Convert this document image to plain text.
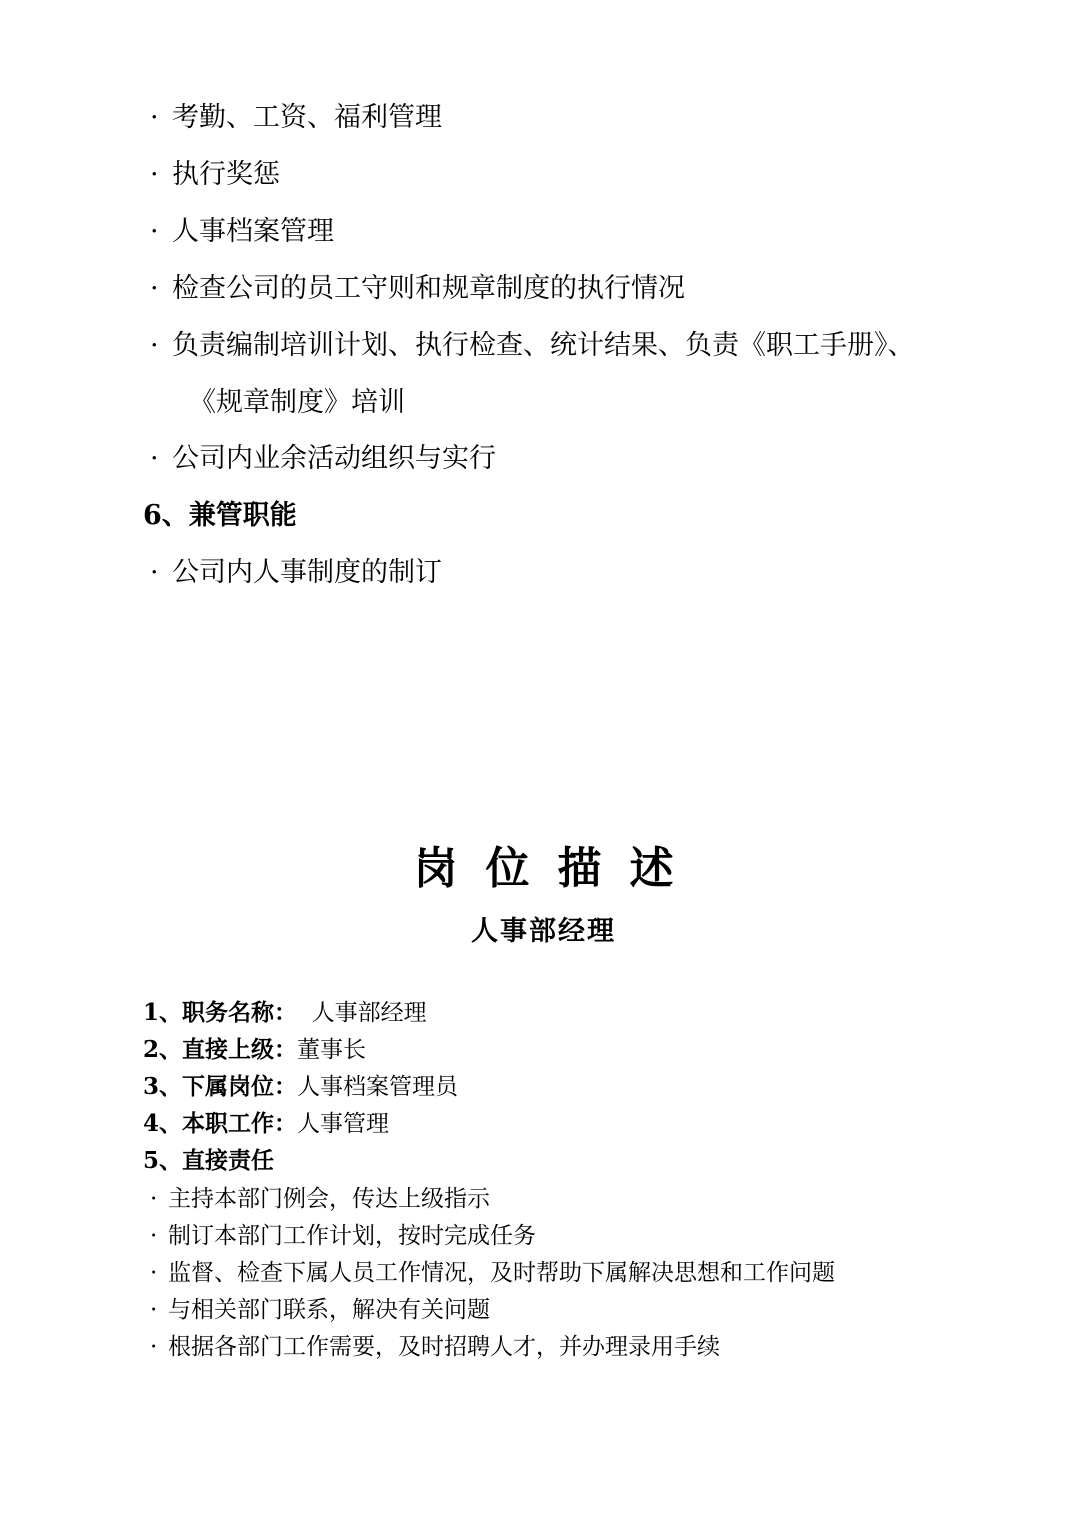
· 考勤、工资、福利管理
· 执行奖惩
· 人事档案管理
· 检查公司的员工守则和规章制度的执行情况
· 负责编制培训计划、执行检查、统计结果、负责《职工手册》、
《规章制度》培训
· 公司内业余活动组织与实行
6、兼管职能
· 公司内人事制度的制订
岗位描述
人事部经理
1、职务名称：  人事部经理
2、直接上级：董事长
3、下属岗位：人事档案管理员
4、本职工作：人事管理
5、直接责任
· 主持本部门例会，传达上级指示
· 制订本部门工作计划，按时完成任务
· 监督、检查下属人员工作情况，及时帮助下属解决思想和工作问题
· 与相关部门联系，解决有关问题
· 根据各部门工作需要，及时招聘人才，并办理录用手续
